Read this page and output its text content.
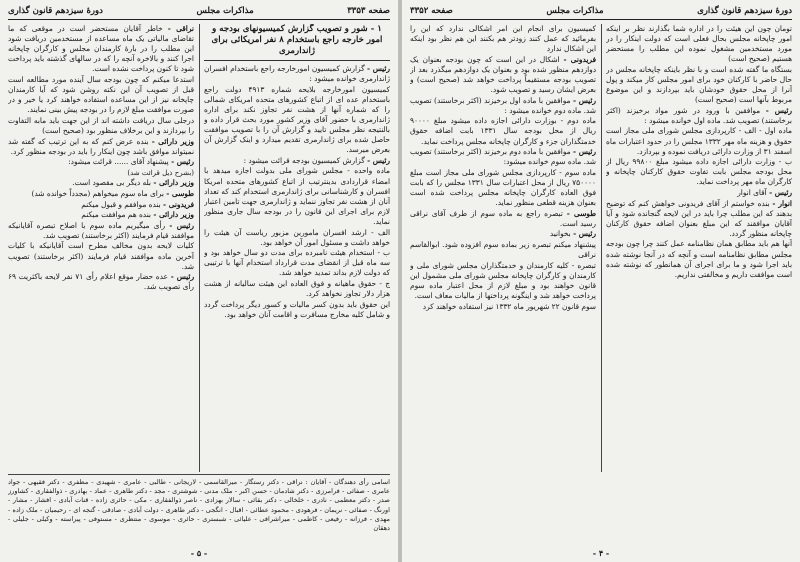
صفحه ۳۳۵۳
مذاکرات مجلس
دورهٔ سیزدهم قانون گذاری

۱ - شور و تصویب گزارش کمیسیونهای بودجه و امور خارجه راجع باستخدام ۸ نفر امریکائی برای ژاندارمری

رئیس - گزارش کمیسیون امورخارجه راجع باستخدام افسران ژاندارمری خوانده میشود :

کمیسیون امورخارجه بلایحه شماره ۴۹۱۳ دولت راجع باستخدام عده ای از اتباع کشورهای متحده امریکای شمالی را که شماره آنها از هشت نفر تجاوز نکند برای اداره ژاندارمری با حضور آقای وزیر کشور مورد بحث قرار داده و بالنتیجه نظر مجلس تایید و گزارش آن را با تصویب موافقت حاصل شده برای ژاندارمری تقدیم میدارد و اینک گزارش آن بعرض میرسد.

رئیس - گزارش کمیسیون بودجه قرائت میشود :

ماده واحده - مجلس شورای ملی بدولت اجازه میدهد با امضاء قراردادی بدینترتیب از اتباع کشورهای متحده امریکا افسران و کارشناسانی برای ژاندارمری استخدام کند که تعداد آنان از هشت نفر تجاوز ننماید و ژاندارمری جهت تامین اعتبار لازم برای اجرای این قانون را در بودجه سال جاری منظور نماید.

الف - ارشد افسران مامورین مزبور ریاست آن هیئت را خواهد داشت و مسئول امور آن خواهد بود.

ب - استخدام هیئت نامبرده برای مدت دو سال خواهد بود و سه ماه قبل از انقضای مدت قرارداد استخدام آنها با ترتیبی که دولت لازم بداند تمدید خواهد شد.

ج - حقوق ماهیانه و فوق العاده این هیئت سالیانه از هشت هزار دلار تجاوز نخواهد کرد.

این حقوق باید بدون کسر مالیات و کسور دیگر پرداخت گردد و شامل کلیه مخارج مسافرت و اقامت آنان خواهد بود.

نراقی - خاطر آقایان مستحضر است در موقعی که ما تقاضای مالیاتی یک ماه مساعده از مستخدمین دریافت شود این مطلب را در بارهٔ کارمندان مجلس و کارگران چاپخانه اجرا کنند و بالاخره آنچه را که در سالهای گذشته باید پرداخت شود تا کنون پرداخت نشده است.

استدعا میکنم که چون بودجه سال آینده مورد مطالعه است قبل از تصویب آن این نکته روشن شود که آیا کارمندان چاپخانه نیز از این مساعده استفاده خواهند کرد یا خیر و در صورت موافقت مبلغ لازم را در بودجه پیش بینی نمایند.

درجلی سال دریافت داشته اند از این جهت باید مابه التفاوت را بپردازند و این برخلاف منظور بود (صحیح است)

وزیر دارائی - بنده عرض کنم که به این ترتیب که گفته شد نمیتواند موافق باشد چون اینکار را باید در بودجه منظور کرد.

رئیس - پیشنهاد آقای ...... قرائت میشود:

(بشرح ذیل قرائت شد)

وزیر دارائی - بله دیگر بی مقصود است.

طوسی - برای ماه سوم میخواهم (مجدداً خوانده شد)

فریدونی - بنده موافقم و قبول میکنم

وزیر دارائی - بنده هم موافقت میکنم

رئیس - رأی میگیریم ماده سوم با اصلاح تبصره آقایانیکه موافقند قیام فرمایند (اکثر برخاستند) تصویب شد.

کلیات لایحه بدون مخالف مطرح است آقایانیکه با کلیات آخرین ماده موافقند قیام فرمایند (اکثر برخاستند) تصویب شد.

رئیس - عده حضار موقع اعلام رأی ۷۱ نفر لایحه باکثریت ۶۹ رأی تصویب شد.

اسامی رأی دهندگان - آقایان : نراقی - دکتر رستگار - میرالقاسمی - لاریجانی - طالبی - عامری - شهیدی - مظفری - دکتر فقیهی - جواد عامری - صفائی - فرامرزی - دکتر شادمان - حسن اکبر - ملک مدنی - شوشتری - مجد - دکتر طاهری - عماد - بهادری - ذوالفقاری - کشاورز صدر - دکتر معظمی - نادری - خلخالی - دکتر بقائی - سالار بهزادی - ناصر ذوالفقاری - مکی - حائری زاده - قنات آبادی - افشار - مشار - اورنگ - صفائی - نریمان - فرهودی - محمود عطائی - اقبال - انگجی - دکتر طاهری - دولت آبادی - صادقی - گنجه ای - رحیمیان - ملک زاده - مهدی - فرزانه - رفیعی - کاظمی - میراشرافی - علیائی - شبستری - حائری - موسوی - منتظری - مستوفی - پیراسته - وکیلی - جلیلی - دهقان
- ۵ -
دورهٔ سیزدهم قانون گذاری
مذاکرات مجلس
صفحه ۳۳۵۲

تومان چون این هیئت را در اداره شما بگذارند نظر بر اینکه امور چاپخانه مجلس بحال فعلی است که دولت اینکار را در مورد مستخدمین مشغول نموده این مطلب را مستحضر هستیم (صحیح است)

بستگاه ما گفته شده است و با نظر باینکه چاپخانه مجلس در حال حاضر با کارکنان خود برای امور مجلس کار میکند و پول آنرا از محل حقوق خودشان باید بپردازند و این موضوع مربوط بآنها است (صحیح است)

رئیس - موافقین با ورود در شور مواد برخیزند (اکثر برخاستند) تصویب شد. ماده اول خوانده میشود :

ماده اول - الف - کارپردازی مجلس شورای ملی مجاز است حقوق و هزینه ماه مهر ۱۳۳۲ مجلس را در حدود اعتبارات ماه اسفند ۳۱ از وزارت دارائی دریافت نموده و بپردازد.

ب - وزارت دارائی اجازه داده میشود مبلغ ۹۹۸۰۰ ریال از محل بودجه مجلس بابت تفاوت حقوق کارکنان چاپخانه و کارگران ماه مهر پرداخت نماید.

رئیس - آقای انوار

انوار - بنده خواستم از آقای فریدونی خواهش کنم که توضیح بدهند که این مطلب چرا باید در این لایحه گنجانده شود و آیا آقایان موافقند که این مبلغ بعنوان اضافه حقوق کارکنان چاپخانه منظور گردد.

آنها هم باید مطابق همان نظامنامه عمل کنند چرا چون بودجه مجلس مطابق نظامنامه است و آنچه که در آنجا نوشته شده باید اجرا شود و ما برای اجرای آن همانطور که نوشته شده است موافقت داریم و مخالفتی نداریم.

کمیسیون برای انجام این امر اشکالی ندارد که این را بفرمائید که عمل کنند زودتر هم بکنند این هم نظر بود اینکه این اشکال ندارد

فریدونی - اشکال در این است که چون بودجه بعنوان یک دوازدهم منظور شده بود و بعنوان یک دوازدهم میگذرد بعد از تصویب بودجه مستقیماً پرداخت خواهد شد (صحیح است) و بعرض ایشان رسید و تصویب شود.

رئیس - موافقین با ماده اول برخیزند (اکثر برخاستند) تصویب شد. ماده دوم خوانده میشود :

ماده دوم - بوزارت دارائی اجازه داده میشود مبلغ ۹۰۰۰۰ ریال از محل بودجه سال ۱۳۳۱ بابت اضافه حقوق خدمتگذاران جزء و کارگران چاپخانه مجلس پرداخت نماید.

رئیس - موافقین با ماده دوم برخیزند (اکثر برخاستند) تصویب شد. ماده سوم خوانده میشود:

ماده سوم - کارپردازی مجلس شورای ملی مجاز است مبلغ ۷۵۰۰۰۰ ریال از محل اعتبارات سال ۱۳۳۱ مجلس را که بابت فوق العاده کارگران چاپخانه مجلس پرداخت شده است بعنوان هزینه قطعی منظور نماید.

طوسی - تبصره راجع به ماده سوم از طرف آقای نراقی رسید است.

رئیس - بخوانید

پیشنهاد میکنم تبصره زیر بماده سوم افزوده شود. ابوالقاسم نراقی

تبصره - کلیه کارمندان و خدمتگذاران مجلس شورای ملی و کارمندان و کارگران چاپخانه مجلس شورای ملی مشمول این قانون خواهند بود و مبلغ لازم از محل اعتبار ماده سوم پرداخت خواهد شد و اینگونه پرداختها از مالیات معاف است.

سوم قانون ۲۲ شهریور ماه ۱۳۳۲ نیز استفاده خواهند کرد

- ۴ -
